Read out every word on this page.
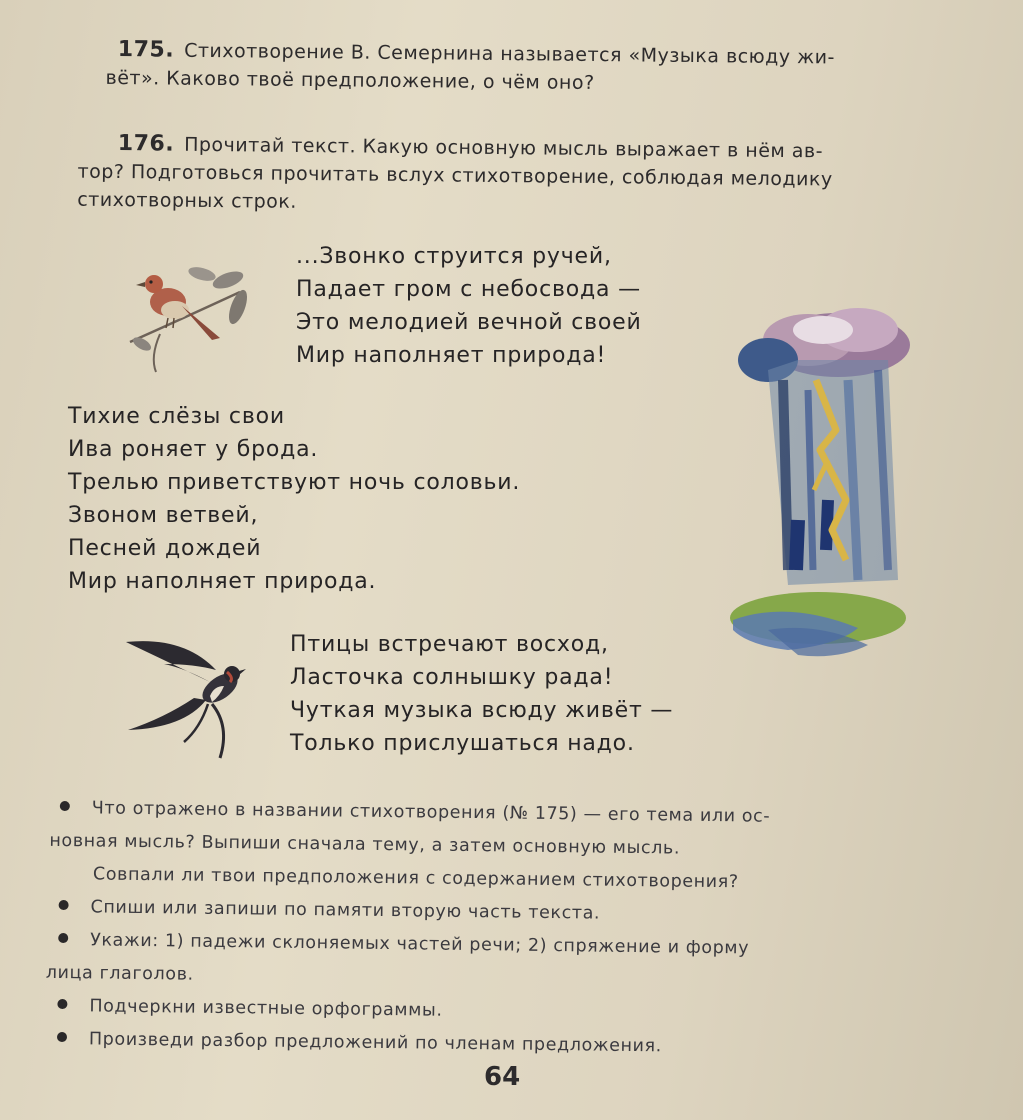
175. Стихотворение В. Семернина называется «Музыка всюду жи-
вёт». Каково твоё предположение, о чём оно?
176. Прочитай текст. Какую основную мысль выражает в нём ав-
тор? Подготовься прочитать вслух стихотворение, соблюдая мелодику
стихотворных строк.
...Звонко струится ручей,
Падает гром с небосвода —
Это мелодией вечной своей
Мир наполняет природа!
Тихие слёзы свои
Ива роняет у брода.
Трелью приветствуют ночь соловьи.
Звоном ветвей,
Песней дождей
Мир наполняет природа.
Птицы встречают восход,
Ласточка солнышку рада!
Чуткая музыка всюду живёт —
Только прислушаться надо.
Что отражено в названии стихотворения (№ 175) — его тема или ос-
новная мысль? Выпиши сначала тему, а затем основную мысль.
Совпали ли твои предположения с содержанием стихотворения?
Спиши или запиши по памяти вторую часть текста.
Укажи: 1) падежи склоняемых частей речи; 2) спряжение и форму
лица глаголов.
Подчеркни известные орфограммы.
Произведи разбор предложений по членам предложения.
64
